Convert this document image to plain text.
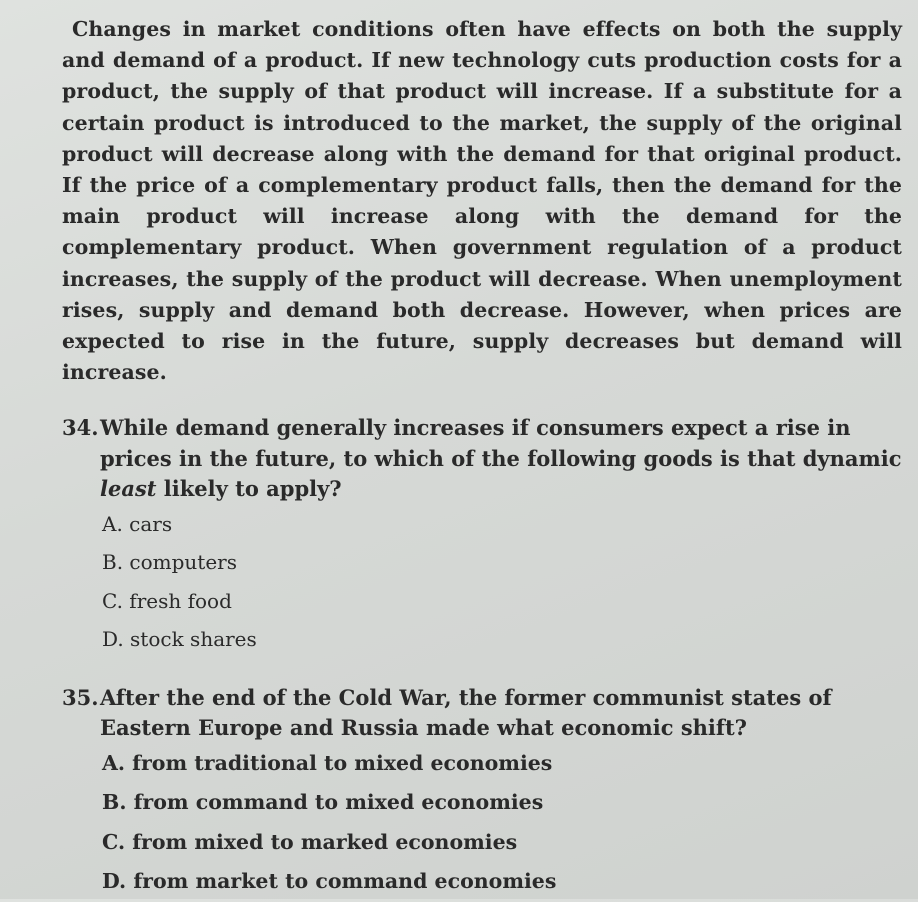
Changes in market conditions often have effects on both the supply and demand of a product. If new technology cuts production costs for a product, the supply of that product will increase. If a substitute for a certain product is introduced to the market, the supply of the original product will decrease along with the demand for that original product. If the price of a complementary product falls, then the demand for the main product will increase along with the demand for the complementary product. When government regulation of a product increases, the supply of the product will decrease. When unemployment rises, supply and demand both decrease. However, when prices are expected to rise in the future, supply decreases but demand will increase.

34. While demand generally increases if consumers expect a rise in prices in the future, to which of the following goods is that dynamic least likely to apply?
A. cars
B. computers
C. fresh food
D. stock shares
35. After the end of the Cold War, the former communist states of Eastern Europe and Russia made what economic shift?
A. from traditional to mixed economies
B. from command to mixed economies
C. from mixed to marked economies
D. from market to command economies
